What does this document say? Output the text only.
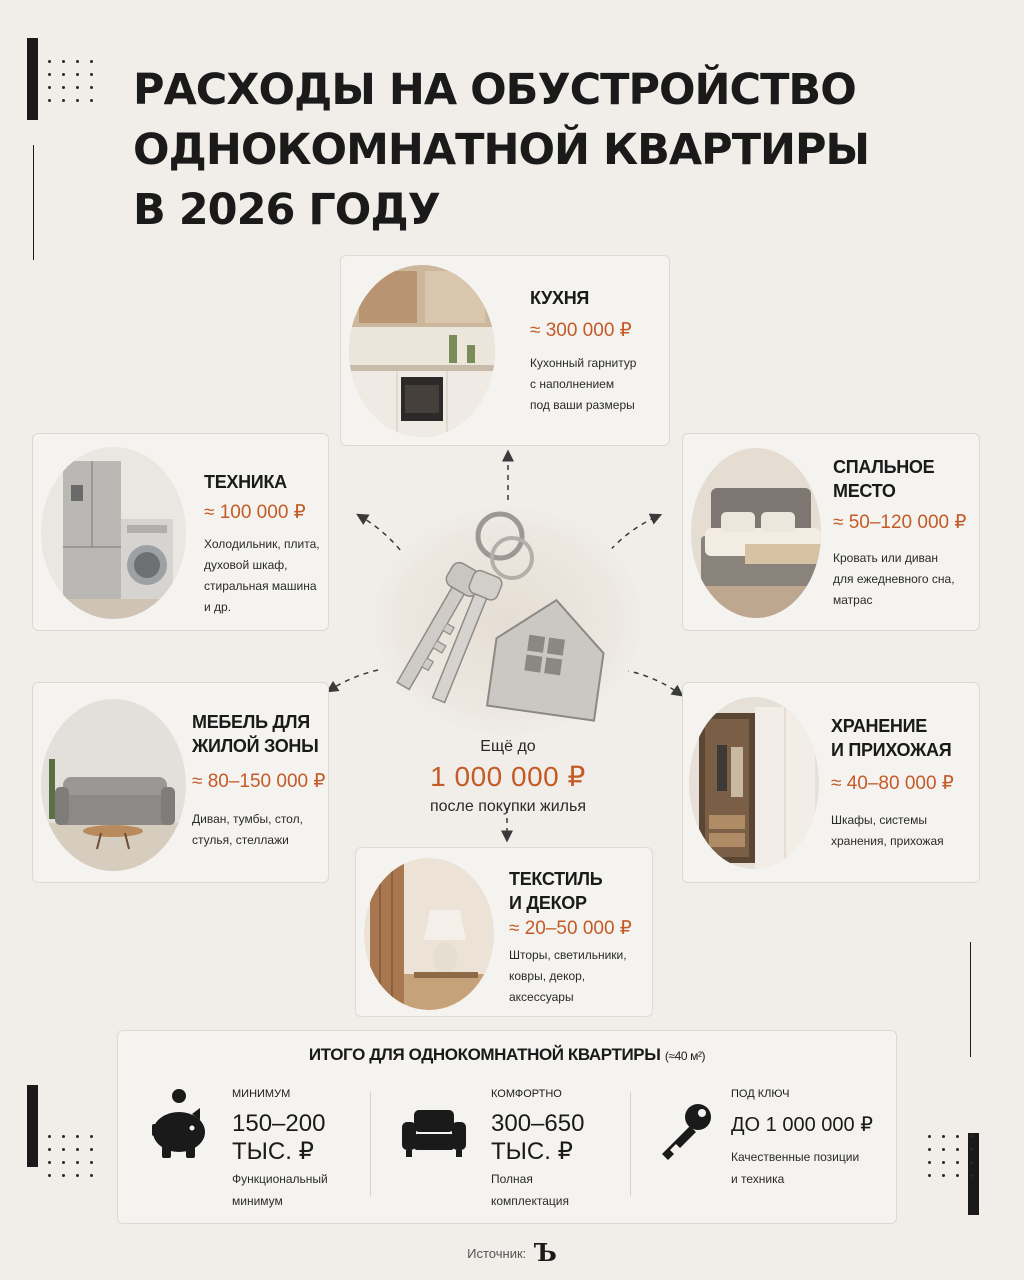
РАСХОДЫ НА ОБУСТРОЙСТВО
ОДНОКОМНАТНОЙ КВАРТИРЫ
В 2026 ГОДУ
КУХНЯ
≈ 300 000 ₽
Кухонный гарнитур
с наполнением
под ваши размеры
ТЕХНИКА
≈ 100 000 ₽
Холодильник, плита,
духовой шкаф,
стиральная машина
и др.
СПАЛЬНОЕ
МЕСТО
≈ 50–120 000 ₽
Кровать или диван
для ежедневного сна,
матрас
МЕБЕЛЬ ДЛЯ
ЖИЛОЙ ЗОНЫ
≈ 80–150 000 ₽
Диван, тумбы, стол,
стулья, стеллажи
ХРАНЕНИЕ
И ПРИХОЖАЯ
≈ 40–80 000 ₽
Шкафы, системы
хранения, прихожая
ТЕКСТИЛЬ
И ДЕКОР
≈ 20–50 000 ₽
Шторы, светильники,
ковры, декор,
аксессуары
Ещё до
1 000 000 ₽
после покупки жилья
ИТОГО ДЛЯ ОДНОКОМНАТНОЙ КВАРТИРЫ (≈40 м²)
МИНИМУМ
150–200
ТЫС. ₽
Функциональный
минимум
КОМФОРТНО
300–650
ТЫС. ₽
Полная
комплектация
ПОД КЛЮЧ
ДО 1 000 000 ₽
Качественные позиции
и техника
Источник: Ъ
